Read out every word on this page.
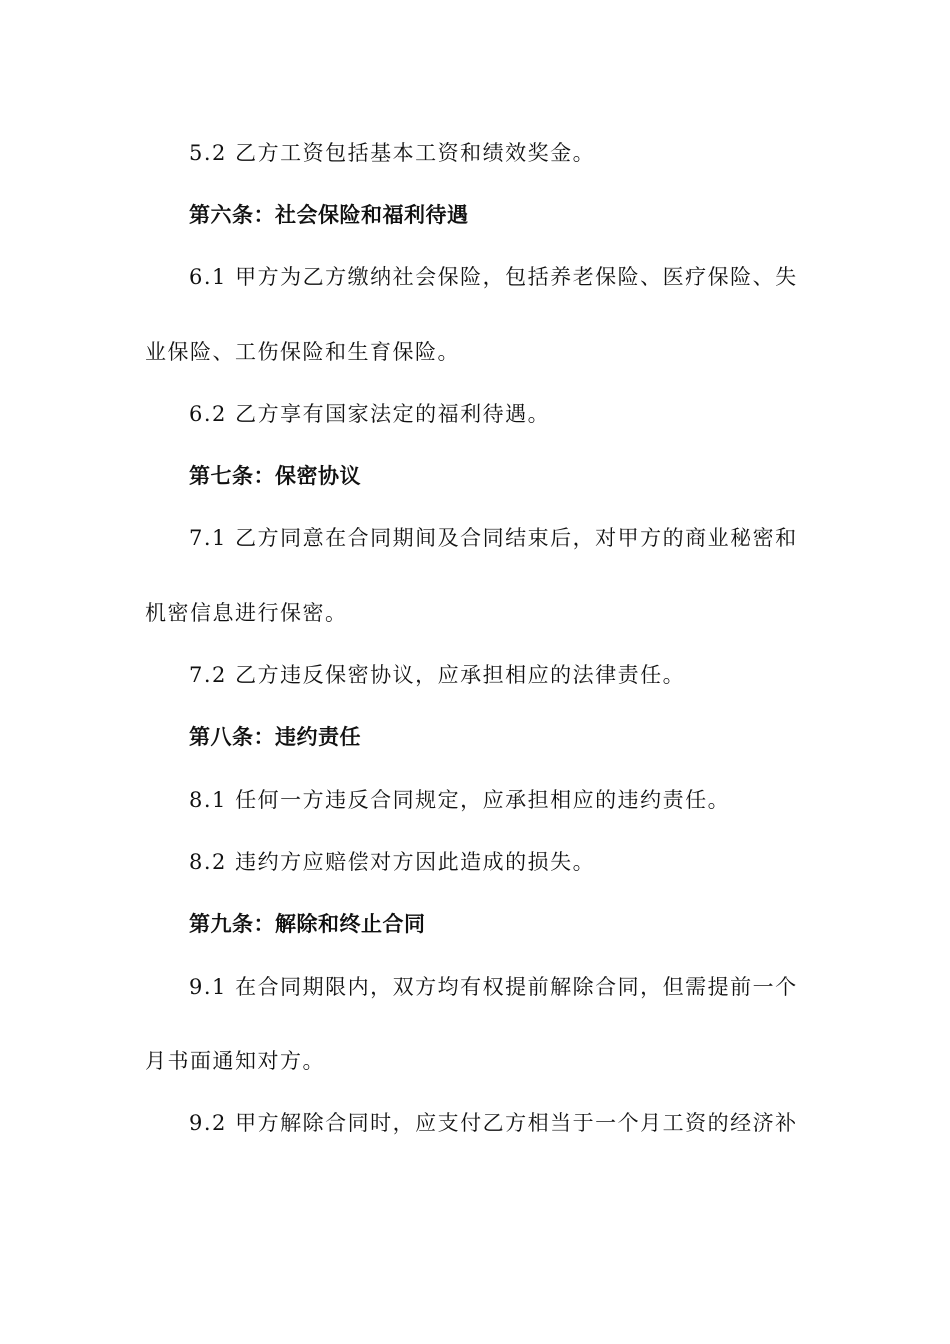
5.2 乙方工资包括基本工资和绩效奖金。
第六条：社会保险和福利待遇
6.1 甲方为乙方缴纳社会保险，包括养老保险、医疗保险、失
业保险、工伤保险和生育保险。
6.2 乙方享有国家法定的福利待遇。
第七条：保密协议
7.1 乙方同意在合同期间及合同结束后，对甲方的商业秘密和
机密信息进行保密。
7.2 乙方违反保密协议，应承担相应的法律责任。
第八条：违约责任
8.1 任何一方违反合同规定，应承担相应的违约责任。
8.2 违约方应赔偿对方因此造成的损失。
第九条：解除和终止合同
9.1 在合同期限内，双方均有权提前解除合同，但需提前一个
月书面通知对方。
9.2 甲方解除合同时，应支付乙方相当于一个月工资的经济补
